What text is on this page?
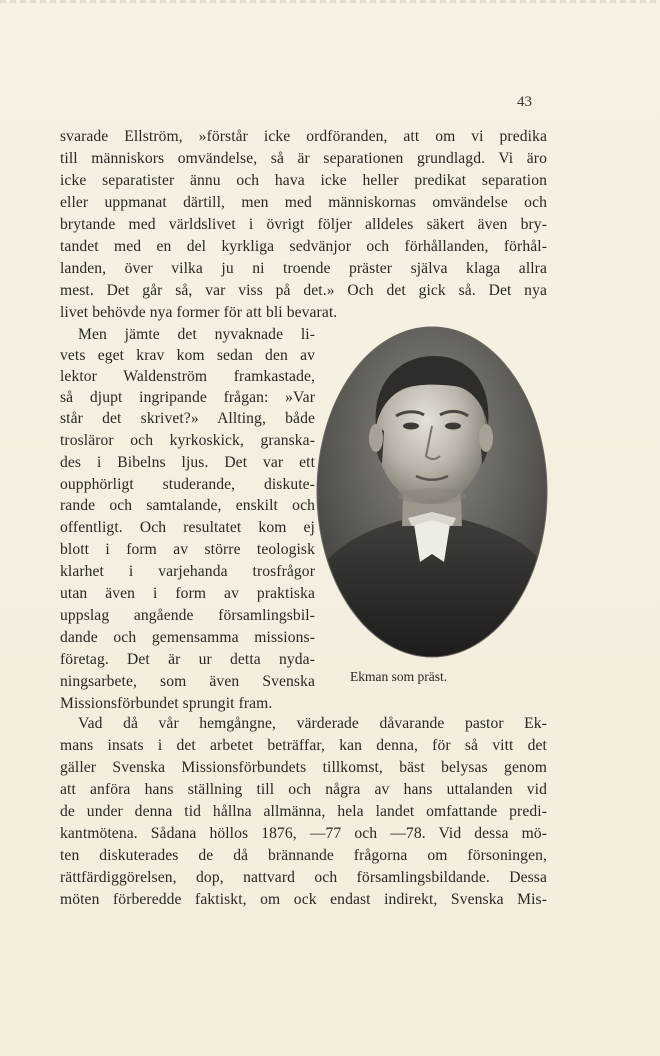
43
svarade Ellström, »förstår icke ordföranden, att om vi predika
till människors omvändelse, så är separationen grundlagd. Vi äro
icke separatister ännu och hava icke heller predikat separation
eller uppmanat därtill, men med människornas omvändelse och
brytande med världslivet i övrigt följer alldeles säkert även bry-
tandet med en del kyrkliga sedvänjor och förhållanden, förhål-
landen, över vilka ju ni troende präster själva klaga allra
mest. Det går så, var viss på det.» Och det gick så. Det nya
livet behövde nya former för att bli bevarat.
Men jämte det nyvaknade li-
vets eget krav kom sedan den av
lektor Waldenström framkastade,
så djupt ingripande frågan: »Var
står det skrivet?» Allting, både
trosläror och kyrkoskick, granska-
des i Bibelns ljus. Det var ett
oupphörligt studerande, diskute-
rande och samtalande, enskilt och
offentligt. Och resultatet kom ej
blott i form av större teologisk
klarhet i varjehanda trosfrågor
utan även i form av praktiska
uppslag angående församlingsbil-
dande och gemensamma missions-
företag. Det är ur detta nyda-
ningsarbete, som även Svenska
Missionsförbundet sprungit fram.
Ekman som präst.
Vad då vår hemgångne, värderade dåvarande pastor Ek-
mans insats i det arbetet beträffar, kan denna, för så vitt det
gäller Svenska Missionsförbundets tillkomst, bäst belysas genom
att anföra hans ställning till och några av hans uttalanden vid
de under denna tid hållna allmänna, hela landet omfattande predi-
kantmötena. Sådana höllos 1876, —77 och —78. Vid dessa mö-
ten diskuterades de då brännande frågorna om försoningen,
rättfärdiggörelsen, dop, nattvard och församlingsbildande. Dessa
möten förberedde faktiskt, om ock endast indirekt, Svenska Mis-
